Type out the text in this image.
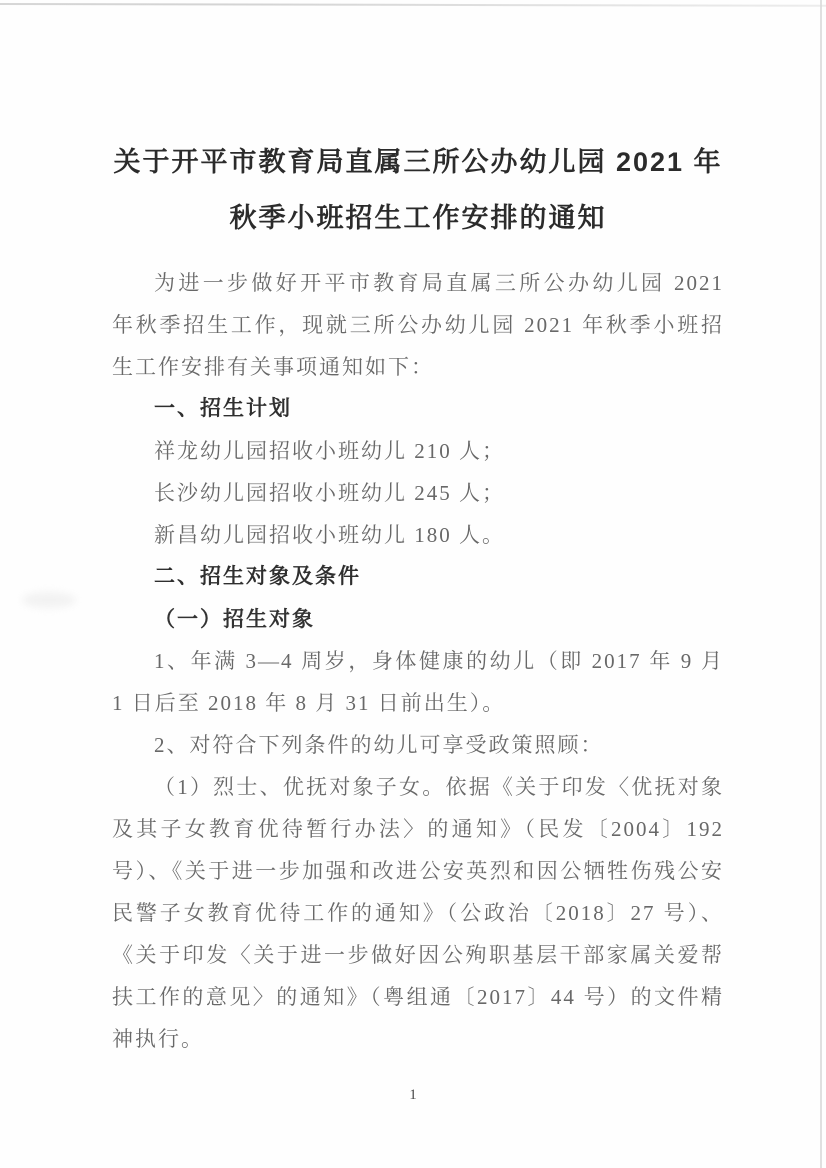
关于开平市教育局直属三所公办幼儿园 2021 年
秋季小班招生工作安排的通知

为进一步做好开平市教育局直属三所公办幼儿园 2021 年秋季招生工作，现就三所公办幼儿园 2021 年秋季小班招生工作安排有关事项通知如下：

一、招生计划

祥龙幼儿园招收小班幼儿 210 人；

长沙幼儿园招收小班幼儿 245 人；

新昌幼儿园招收小班幼儿 180 人。

二、招生对象及条件

（一）招生对象

1、年满 3—4 周岁，身体健康的幼儿（即 2017 年 9 月 1 日后至 2018 年 8 月 31 日前出生）。

2、对符合下列条件的幼儿可享受政策照顾：

（1）烈士、优抚对象子女。依据《关于印发〈优抚对象及其子女教育优待暂行办法〉的通知》（民发〔2004〕192 号）、《关于进一步加强和改进公安英烈和因公牺牲伤残公安民警子女教育优待工作的通知》（公政治〔2018〕27 号）、《关于印发〈关于进一步做好因公殉职基层干部家属关爱帮扶工作的意见〉的通知》（粤组通〔2017〕44 号）的文件精神执行。

1
